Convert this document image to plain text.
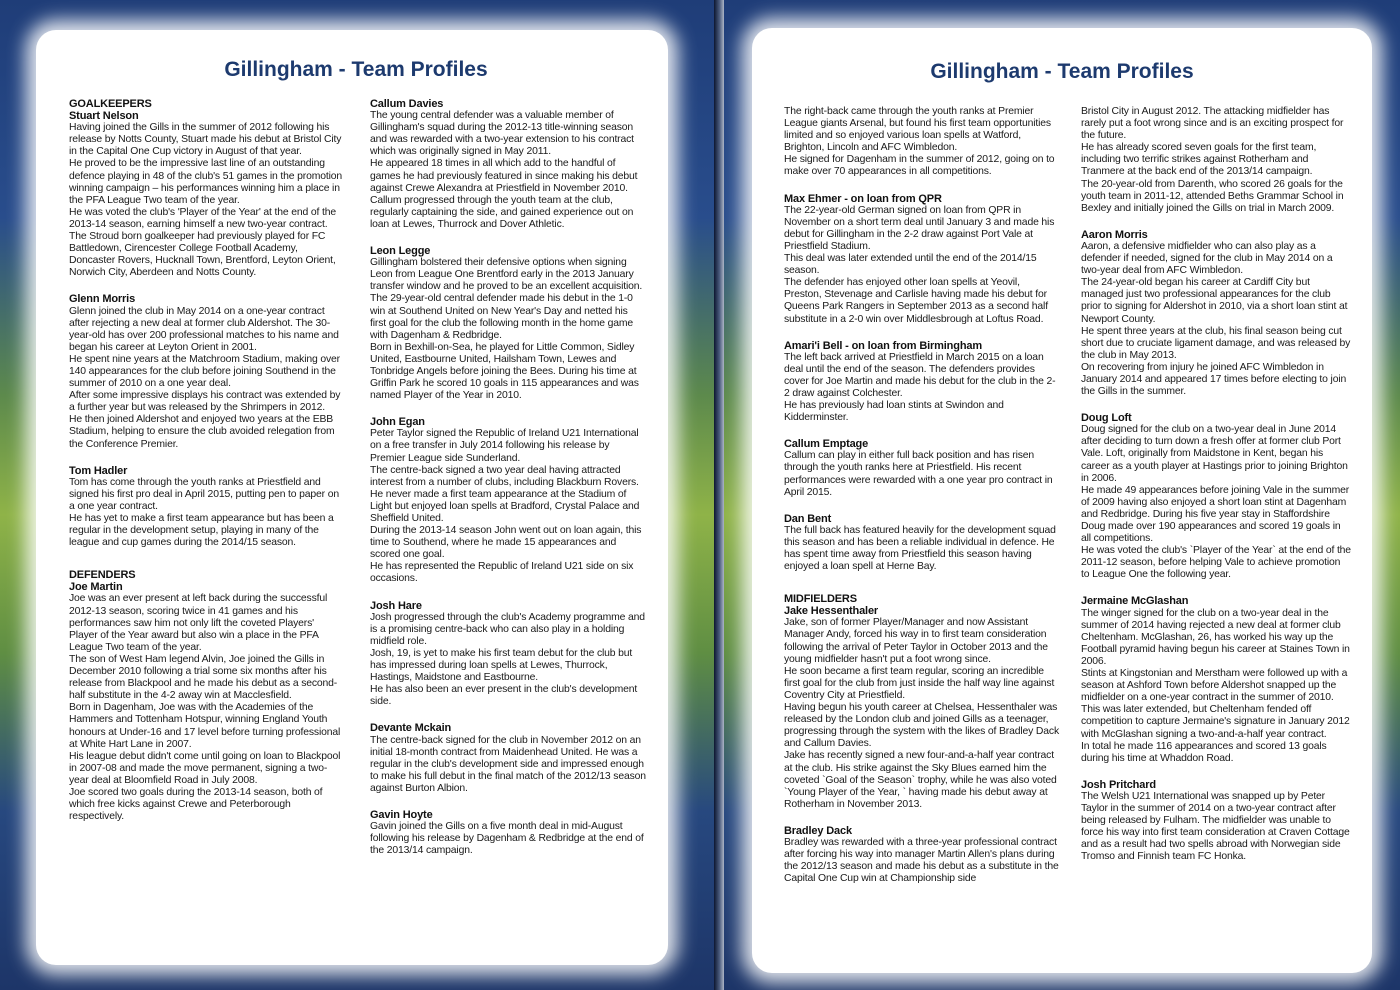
Gillingham - Team Profiles

GOALKEEPERS

Stuart Nelson

Having joined the Gills in the summer of 2012 following his release by Notts County, Stuart made his debut at Bristol City in the Capital One Cup victory in August of that year.

He proved to be the impressive last line of an outstanding defence playing in 48 of the club's 51 games in the promotion winning campaign – his performances winning him a place in the PFA League Two team of the year.

He was voted the club's 'Player of the Year' at the end of the 2013-14 season, earning himself a new two-year contract.

The Stroud born goalkeeper had previously played for FC Battledown, Cirencester College Football Academy, Doncaster Rovers, Hucknall Town, Brentford, Leyton Orient, Norwich City, Aberdeen and Notts County.

Glenn Morris

Glenn joined the club in May 2014 on a one-year contract after rejecting a new deal at former club Aldershot. The 30-year-old has over 200 professional matches to his name and began his career at Leyton Orient in 2001.

He spent nine years at the Matchroom Stadium, making over 140 appearances for the club before joining Southend in the summer of 2010 on a one year deal.

After some impressive displays his contract was extended by a further year but was released by the Shrimpers in 2012.

He then joined Aldershot and enjoyed two years at the EBB Stadium, helping to ensure the club avoided relegation from the Conference Premier.

Tom Hadler

Tom has come through the youth ranks at Priestfield and signed his first pro deal in April 2015, putting pen to paper on a one year contract.

He has yet to make a first team appearance but has been a regular in the development setup, playing in many of the league and cup games during the 2014/15 season.

DEFENDERS

Joe Martin

Joe was an ever present at left back during the successful 2012-13 season, scoring twice in 41 games and his performances saw him not only lift the coveted Players' Player of the Year award but also win a place in the PFA League Two team of the year.

The son of West Ham legend Alvin, Joe joined the Gills in December 2010 following a trial some six months after his release from Blackpool and he made his debut as a second-half substitute in the 4-2 away win at Macclesfield.

Born in Dagenham, Joe was with the Academies of the Hammers and Tottenham Hotspur, winning England Youth honours at Under-16 and 17 level before turning professional at White Hart Lane in 2007.

His league debut didn't come until going on loan to Blackpool in 2007-08 and made the move permanent, signing a two-year deal at Bloomfield Road in July 2008.

Joe scored two goals during the 2013-14 season, both of which free kicks against Crewe and Peterborough respectively.

Callum Davies

The young central defender was a valuable member of Gillingham's squad during the 2012-13 title-winning season and was rewarded with a two-year extension to his contract which was originally signed in May 2011.

He appeared 18 times in all which add to the handful of games he had previously featured in since making his debut against Crewe Alexandra at Priestfield in November 2010.

Callum progressed through the youth team at the club, regularly captaining the side, and gained experience out on loan at Lewes, Thurrock and Dover Athletic.

Leon Legge

Gillingham bolstered their defensive options when signing Leon from League One Brentford early in the 2013 January transfer window and he proved to be an excellent acquisition. The 29-year-old central defender made his debut in the 1-0 win at Southend United on New Year's Day and netted his first goal for the club the following month in the home game with Dagenham & Redbridge.

Born in Bexhill-on-Sea, he played for Little Common, Sidley United, Eastbourne United, Hailsham Town, Lewes and Tonbridge Angels before joining the Bees. During his time at Griffin Park he scored 10 goals in 115 appearances and was named Player of the Year in 2010.

John Egan

Peter Taylor signed the Republic of Ireland U21 International on a free transfer in July 2014 following his release by Premier League side Sunderland.

The centre-back signed a two year deal having attracted interest from a number of clubs, including Blackburn Rovers.

He never made a first team appearance at the Stadium of Light but enjoyed loan spells at Bradford, Crystal Palace and Sheffield United.

During the 2013-14 season John went out on loan again, this time to Southend, where he made 15 appearances and scored one goal.

He has represented the Republic of Ireland U21 side on six occasions.

Josh Hare

Josh progressed through the club's Academy programme and is a promising centre-back who can also play in a holding midfield role.

Josh, 19, is yet to make his first team debut for the club but has impressed during loan spells at Lewes, Thurrock, Hastings, Maidstone and Eastbourne.

He has also been an ever present in the club's development side.

Devante Mckain

The centre-back signed for the club in November 2012 on an initial 18-month contract from Maidenhead United. He was a regular in the club's development side and impressed enough to make his full debut in the final match of the 2012/13 season against Burton Albion.

Gavin Hoyte

Gavin joined the Gills on a five month deal in mid-August following his release by Dagenham & Redbridge at the end of the 2013/14 campaign.

Gillingham - Team Profiles

The right-back came through the youth ranks at Premier League giants Arsenal, but found his first team opportunities limited and so enjoyed various loan spells at Watford, Brighton, Lincoln and AFC Wimbledon.

He signed for Dagenham in the summer of 2012, going on to make over 70 appearances in all competitions.

Max Ehmer - on loan from QPR

The 22-year-old German signed on loan from QPR in November on a short term deal until January 3 and made his debut for Gillingham in the 2-2 draw against Port Vale at Priestfield Stadium.

This deal was later extended until the end of the 2014/15 season.

The defender has enjoyed other loan spells at Yeovil, Preston, Stevenage and Carlisle having made his debut for Queens Park Rangers in September 2013 as a second half substitute in a 2-0 win over Middlesbrough at Loftus Road.

Amari'i Bell - on loan from Birmingham

The left back arrived at Priestfield in March 2015 on a loan deal until the end of the season. The defenders provides cover for Joe Martin and made his debut for the club in the 2-2 draw against Colchester.

He has previously had loan stints at Swindon and Kidderminster.

Callum Emptage

Callum can play in either full back position and has risen through the youth ranks here at Priestfield. His recent performances were rewarded with a one year pro contract in April 2015.

Dan Bent

The full back has featured heavily for the development squad this season and has been a reliable individual in defence. He has spent time away from Priestfield this season having enjoyed a loan spell at Herne Bay.

MIDFIELDERS

Jake Hessenthaler

Jake, son of former Player/Manager and now Assistant Manager Andy, forced his way in to first team consideration following the arrival of Peter Taylor in October 2013 and the young midfielder hasn't put a foot wrong since.

He soon became a first team regular, scoring an incredible first goal for the club from just inside the half way line against Coventry City at Priestfield.

Having begun his youth career at Chelsea, Hessenthaler was released by the London club and joined Gills as a teenager, progressing through the system with the likes of Bradley Dack and Callum Davies.

Jake has recently signed a new four-and-a-half year contract at the club. His strike against the Sky Blues earned him the coveted `Goal of the Season` trophy, while he was also voted `Young Player of the Year, ` having made his debut away at Rotherham in November 2013.

Bradley Dack

Bradley was rewarded with a three-year professional contract after forcing his way into manager Martin Allen's plans during the 2012/13 season and made his debut as a substitute in the Capital One Cup win at Championship side

Bristol City in August 2012. The attacking midfielder has rarely put a foot wrong since and is an exciting prospect for the future.

He has already scored seven goals for the first team, including two terrific strikes against Rotherham and Tranmere at the back end of the 2013/14 campaign.

The 20-year-old from Darenth, who scored 26 goals for the youth team in 2011-12, attended Beths Grammar School in Bexley and initially joined the Gills on trial in March 2009.

Aaron Morris

Aaron, a defensive midfielder who can also play as a defender if needed, signed for the club in May 2014 on a two-year deal from AFC Wimbledon.

The 24-year-old began his career at Cardiff City but managed just two professional appearances for the club prior to signing for Aldershot in 2010, via a short loan stint at Newport County.

He spent three years at the club, his final season being cut short due to cruciate ligament damage, and was released by the club in May 2013.

On recovering from injury he joined AFC Wimbledon in January 2014 and appeared 17 times before electing to join the Gills in the summer.

Doug Loft

Doug signed for the club on a two-year deal in June 2014 after deciding to turn down a fresh offer at former club Port Vale. Loft, originally from Maidstone in Kent, began his career as a youth player at Hastings prior to joining Brighton in 2006.

He made 49 appearances before joining Vale in the summer of 2009 having also enjoyed a short loan stint at Dagenham and Redbridge. During his five year stay in Staffordshire Doug made over 190 appearances and scored 19 goals in all competitions.

He was voted the club's `Player of the Year` at the end of the 2011-12 season, before helping Vale to achieve promotion to League One the following year.

Jermaine McGlashan

The winger signed for the club on a two-year deal in the summer of 2014 having rejected a new deal at former club Cheltenham. McGlashan, 26, has worked his way up the Football pyramid having begun his career at Staines Town in 2006.

Stints at Kingstonian and Merstham were followed up with a season at Ashford Town before Aldershot snapped up the midfielder on a one-year contract in the summer of 2010. This was later extended, but Cheltenham fended off competition to capture Jermaine's signature in January 2012 with McGlashan signing a two-and-a-half year contract.

In total he made 116 appearances and scored 13 goals during his time at Whaddon Road.

Josh Pritchard

The Welsh U21 International was snapped up by Peter Taylor in the summer of 2014 on a two-year contract after being released by Fulham. The midfielder was unable to force his way into first team consideration at Craven Cottage and as a result had two spells abroad with Norwegian side Tromso and Finnish team FC Honka.
